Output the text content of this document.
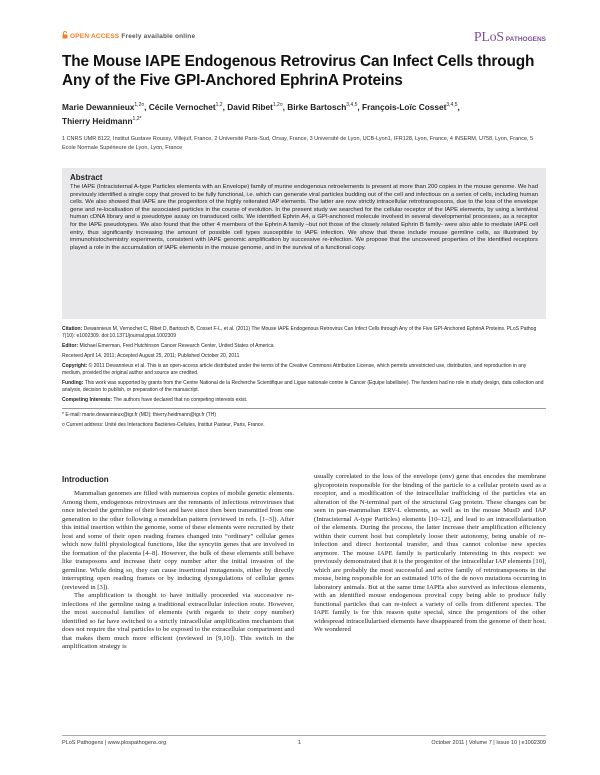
OPEN ACCESS Freely available online	PLoS PATHOGENS
The Mouse IAPE Endogenous Retrovirus Can Infect Cells through Any of the Five GPI-Anchored EphrinA Proteins
Marie Dewannieux$^{1,2¤}$, Cécile Vernochet$^{1,2}$, David Ribet$^{1,2¤}$, Birke Bartosch$^{3,4,5}$, François-Loïc Cosset$^{3,4,5}$,
Thierry Heidmann$^{1,2*}$
1 CNRS UMR 8122, Institut Gustave Roussy, Villejuif, France, 2 Université Paris-Sud, Orsay, France, 3 Université de Lyon, UCB-Lyon1, IFR128, Lyon, France, 4 INSERM, U758, Lyon, France, 5 Ecole Normale Supérieure de Lyon, Lyon, France
Abstract
The IAPE (Intracisternal A-type Particles elements with an Envelope) family of murine endogenous retroelements is present at more than 200 copies in the mouse genome. We had previously identified a single copy that proved to be fully functional, i.e. which can generate viral particles budding out of the cell and infectious on a series of cells, including human cells. We also showed that IAPE are the progenitors of the highly reiterated IAP elements. The latter are now strictly intracellular retrotransposons, due to the loss of the envelope gene and re-localisation of the associated particles in the course of evolution. In the present study we searched for the cellular receptor of the IAPE elements, by using a lentiviral human cDNA library and a pseudotype assay on transduced cells. We identified Ephrin A4, a GPI-anchored molecule involved in several developmental processes, as a receptor for the IAPE pseudotypes. We also found that the other 4 members of the Ephrin A family –but not those of the closely related Ephrin B family- were also able to mediate IAPE cell entry, thus significantly increasing the amount of possible cell types susceptible to IAPE infection. We show that these include mouse germline cells, as illustrated by immunohistochemistry experiments, consistent with IAPE genomic amplification by successive re-infection. We propose that the uncovered properties of the identified receptors played a role in the accumulation of IAPE elements in the mouse genome, and in the survival of a functional copy.
Citation: Dewannieux M, Vernochet C, Ribet D, Bartosch B, Cosset F-L, et al. (2011) The Mouse IAPE Endogenous Retrovirus Can Infect Cells through Any of the Five GPI-Anchored EphrinA Proteins. PLoS Pathog 7(10): e1002309. doi:10.1371/journal.ppat.1002309
Editor: Michael Emerman, Fred Hutchinson Cancer Research Center, United States of America
Received April 14, 2011; Accepted August 25, 2011; Published October 20, 2011
Copyright: © 2011 Dewannieux et al. This is an open-access article distributed under the terms of the Creative Commons Attribution License, which permits unrestricted use, distribution, and reproduction in any medium, provided the original author and source are credited.
Funding: This work was supported by grants from the Centre National de la Recherche Scientifique and Ligue nationale contre le Cancer (Equipe labellisée). The funders had no role in study design, data collection and analysis, decision to publish, or preparation of the manuscript.
Competing Interests: The authors have declared that no competing interests exist.
* E-mail: marie.dewannieux@igr.fr (MD); thierry.heidmann@igr.fr (TH)
¤ Current address: Unité des Interactions Bactéries-Cellules, Institut Pasteur, Paris, France.
Introduction

Mammalian genomes are filled with numerous copies of mobile genetic elements. Among them, endogenous retroviruses are the remnants of infectious retroviruses that once infected the germline of their host and have since then been transmitted from one generation to the other following a mendelian pattern (reviewed in refs. [1–3]). After this initial insertion within the genome, some of these elements were recruited by their host and some of their open reading frames changed into “ordinary” cellular genes which now fulfil physiological functions, like the syncytin genes that are involved in the formation of the placenta [4–8]. However, the bulk of these elements still behave like transposons and increase their copy number after the initial invasion of the germline. While doing so, they can cause insertional mutagenesis, either by directly interrupting open reading frames or by inducing dysregulations of cellular genes (reviewed in [3]).

The amplification is thought to have initially proceeded via successive re-infections of the germline using a traditional extracellular infection route. However, the most successful families of elements (with regards to their copy number) identified so far have switched to a strictly intracellular amplification mechanism that does not require the viral particles to be exposed to the extracellular compartment and that makes them much more efficient (reviewed in [9,10]). This switch in the amplification strategy is

usually correlated to the loss of the envelope (env) gene that encodes the membrane glycoprotein responsible for the binding of the particle to a cellular protein used as a receptor, and a modification of the intracellular trafficking of the particles via an alteration of the N-terminal part of the structural Gag protein. These changes can be seen in pan-mammalian ERV-L elements, as well as in the mouse MusD and IAP (Intracisternal A-type Particles) elements [10–12], and lead to an intracellularisation of the elements. During the process, the latter increase their amplification efficiency within their current host but completely loose their autonomy, being unable of re-infection and direct horizontal transfer, and thus cannot colonise new species anymore. The mouse IAPE family is particularly interesting in this respect: we previously demonstrated that it is the progenitor of the intracellular IAP elements [10], which are probably the most successful and active family of retrotransposons in the mouse, being responsible for an estimated 10% of the de novo mutations occurring in laboratory animals. But at the same time IAPEs also survived as infectious elements, with an identified mouse endogenous proviral copy being able to produce fully functional particles that can re-infect a variety of cells from different species. The IAPE family is for this reason quite special, since the progenitors of the other widespread intracellularised elements have disappeared from the genome of their host. We wondered

PLoS Pathogens | www.plospathogens.org	1	October 2011 | Volume 7 | Issue 10 | e1002309
